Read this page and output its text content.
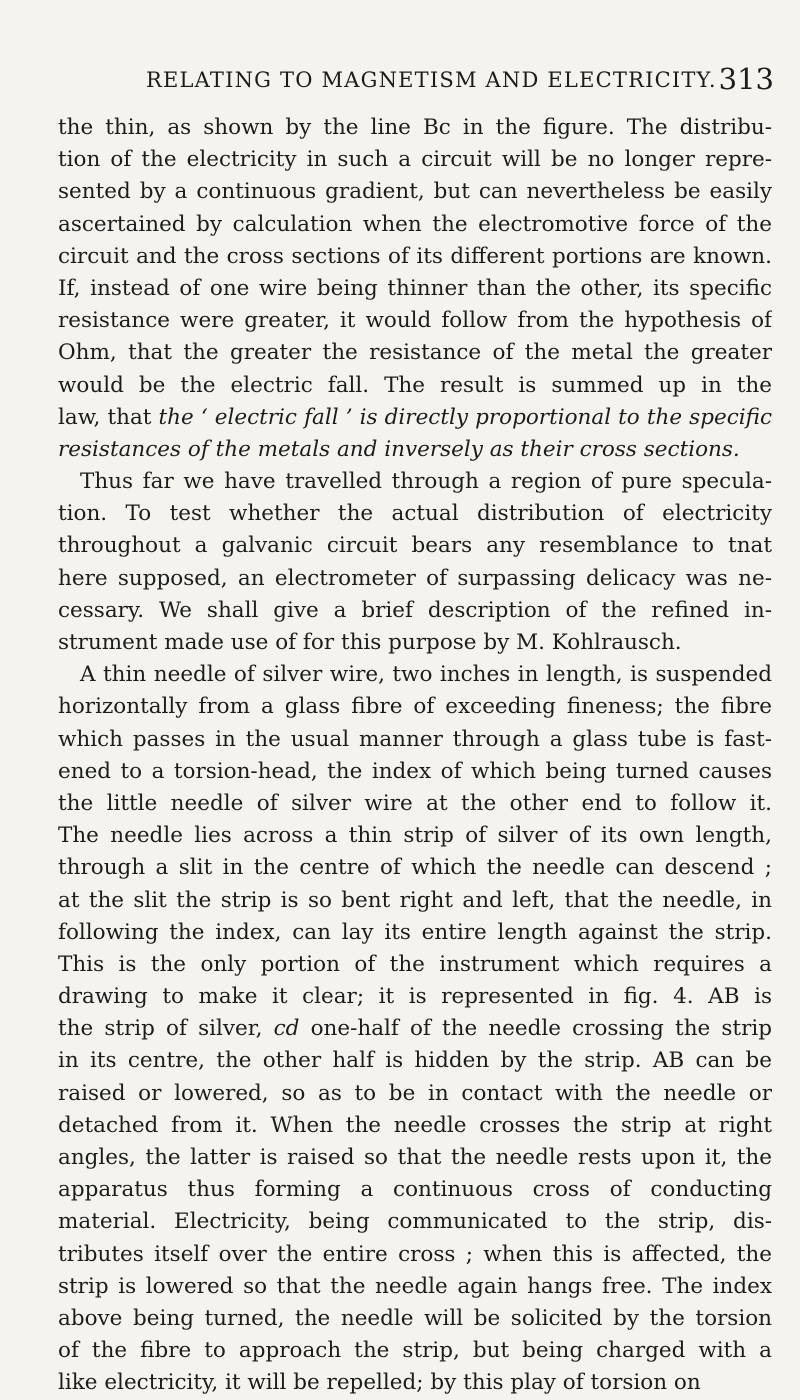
RELATING TO MAGNETISM AND ELECTRICITY. 313
the thin, as shown by the line Bc in the figure. The distribu-
tion of the electricity in such a circuit will be no longer repre-
sented by a continuous gradient, but can nevertheless be easily
ascertained by calculation when the electromotive force of the
circuit and the cross sections of its different portions are known.
If, instead of one wire being thinner than the other, its specific
resistance were greater, it would follow from the hypothesis of
Ohm, that the greater the resistance of the metal the greater
would be the electric fall. The result is summed up in the
law, that the ‘ electric fall ’ is directly proportional to the specific
resistances of the metals and inversely as their cross sections.
Thus far we have travelled through a region of pure specula-
tion. To test whether the actual distribution of electricity
throughout a galvanic circuit bears any resemblance to tnat
here supposed, an electrometer of surpassing delicacy was ne-
cessary. We shall give a brief description of the refined in-
strument made use of for this purpose by M. Kohlrausch.
A thin needle of silver wire, two inches in length, is suspended
horizontally from a glass fibre of exceeding fineness; the fibre
which passes in the usual manner through a glass tube is fast-
ened to a torsion-head, the index of which being turned causes
the little needle of silver wire at the other end to follow it.
The needle lies across a thin strip of silver of its own length,
through a slit in the centre of which the needle can descend ;
at the slit the strip is so bent right and left, that the needle, in
following the index, can lay its entire length against the strip.
This is the only portion of the instrument which requires a
drawing to make it clear; it is represented in fig. 4. AB is
the strip of silver, cd one-half of the needle crossing the strip
in its centre, the other half is hidden by the strip. AB can be
raised or lowered, so as to be in contact with the needle or
detached from it. When the needle crosses the strip at right
angles, the latter is raised so that the needle rests upon it, the
apparatus thus forming a continuous cross of conducting
material. Electricity, being communicated to the strip, dis-
tributes itself over the entire cross ; when this is affected, the
strip is lowered so that the needle again hangs free. The index
above being turned, the needle will be solicited by the torsion
of the fibre to approach the strip, but being charged with a
like electricity, it will be repelled; by this play of torsion on
